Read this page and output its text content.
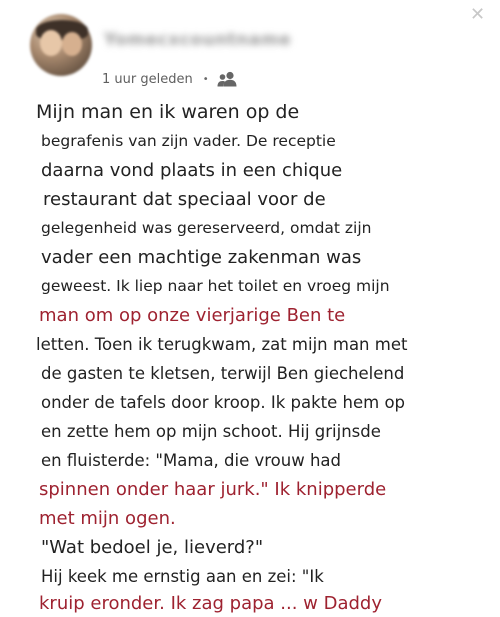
Yomecxcountname
✕
1 uur geleden •
Mijn man en ik waren op de
begrafenis van zijn vader. De receptie
daarna vond plaats in een chique
restaurant dat speciaal voor de
gelegenheid was gereserveerd, omdat zijn
vader een machtige zakenman was
geweest. Ik liep naar het toilet en vroeg mijn
man om op onze vierjarige Ben te
letten. Toen ik terugkwam, zat mijn man met
de gasten te kletsen, terwijl Ben giechelend
onder de tafels door kroop. Ik pakte hem op
en zette hem op mijn schoot. Hij grijnsde
en fluisterde: "Mama, die vrouw had
spinnen onder haar jurk." Ik knipperde
met mijn ogen.
"Wat bedoel je, lieverd?"
Hij keek me ernstig aan en zei: "Ik
kruip eronder. Ik zag papa ... w Daddy
